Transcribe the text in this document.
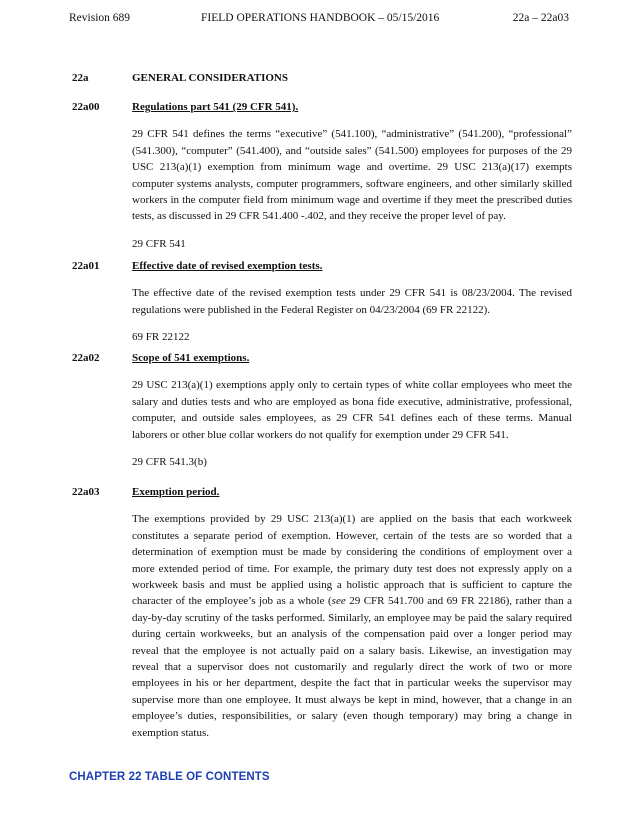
Revision 689	FIELD OPERATIONS HANDBOOK – 05/15/2016	22a – 22a03
22a	GENERAL CONSIDERATIONS
22a00	Regulations part 541 (29 CFR 541).
29 CFR 541 defines the terms “executive” (541.100), “administrative” (541.200), “professional” (541.300), “computer” (541.400), and “outside sales” (541.500) employees for purposes of the 29 USC 213(a)(1) exemption from minimum wage and overtime. 29 USC 213(a)(17) exempts computer systems analysts, computer programmers, software engineers, and other similarly skilled workers in the computer field from minimum wage and overtime if they meet the prescribed duties tests, as discussed in 29 CFR 541.400 -.402, and they receive the proper level of pay.
29 CFR 541
22a01	Effective date of revised exemption tests.
The effective date of the revised exemption tests under 29 CFR 541 is 08/23/2004. The revised regulations were published in the Federal Register on 04/23/2004 (69 FR 22122).
69 FR 22122
22a02	Scope of 541 exemptions.
29 USC 213(a)(1) exemptions apply only to certain types of white collar employees who meet the salary and duties tests and who are employed as bona fide executive, administrative, professional, computer, and outside sales employees, as 29 CFR 541 defines each of these terms. Manual laborers or other blue collar workers do not qualify for exemption under 29 CFR 541.
29 CFR 541.3(b)
22a03	Exemption period.
The exemptions provided by 29 USC 213(a)(1) are applied on the basis that each workweek constitutes a separate period of exemption. However, certain of the tests are so worded that a determination of exemption must be made by considering the conditions of employment over a more extended period of time. For example, the primary duty test does not expressly apply on a workweek basis and must be applied using a holistic approach that is sufficient to capture the character of the employee’s job as a whole (see 29 CFR 541.700 and 69 FR 22186), rather than a day-by-day scrutiny of the tasks performed. Similarly, an employee may be paid the salary required during certain workweeks, but an analysis of the compensation paid over a longer period may reveal that the employee is not actually paid on a salary basis. Likewise, an investigation may reveal that a supervisor does not customarily and regularly direct the work of two or more employees in his or her department, despite the fact that in particular weeks the supervisor may supervise more than one employee. It must always be kept in mind, however, that a change in an employee’s duties, responsibilities, or salary (even though temporary) may bring a change in exemption status.
CHAPTER 22 TABLE OF CONTENTS
